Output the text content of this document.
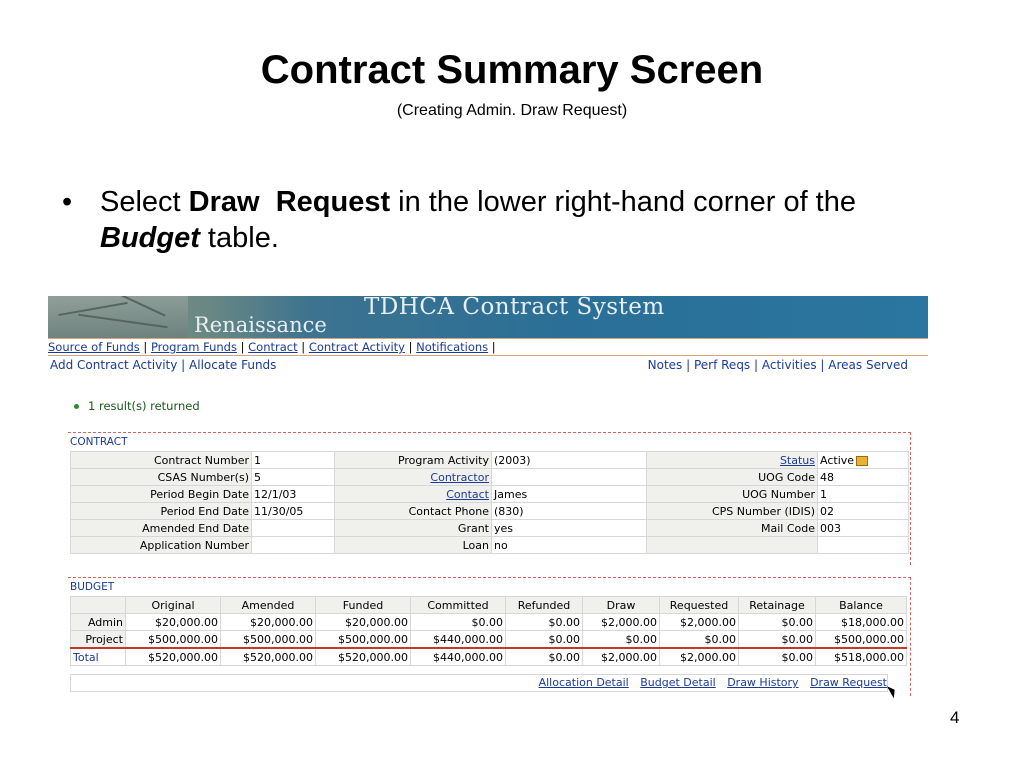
Contract Summary Screen
(Creating Admin. Draw Request)
• Select Draw  Request in the lower right-hand corner of the Budget table.
TDHCA Contract System
Renaissance
Source of Funds | Program Funds | Contract | Contract Activity | Notifications |
Add Contract Activity | Allocate Funds	Notes | Perf Reqs | Activities | Areas Served
1 result(s) returned
CONTRACT
Contract Number	1	Program Activity	(2003)	Status	Active
CSAS Number(s)	5	Contractor		UOG Code	48
Period Begin Date	12/1/03	Contact	James	UOG Number	1
Period End Date	11/30/05	Contact Phone	(830)	CPS Number (IDIS)	02
Amended End Date		Grant	yes	Mail Code	003
Application Number		Loan	no		
BUDGET
	Original	Amended	Funded	Committed	Refunded	Draw	Requested	Retainage	Balance
Admin	$20,000.00	$20,000.00	$20,000.00	$0.00	$0.00	$2,000.00	$2,000.00	$0.00	$18,000.00
Project	$500,000.00	$500,000.00	$500,000.00	$440,000.00	$0.00	$0.00	$0.00	$0.00	$500,000.00
Total	$520,000.00	$520,000.00	$520,000.00	$440,000.00	$0.00	$2,000.00	$2,000.00	$0.00	$518,000.00
Allocation Detail Budget Detail Draw History Draw Request
4
